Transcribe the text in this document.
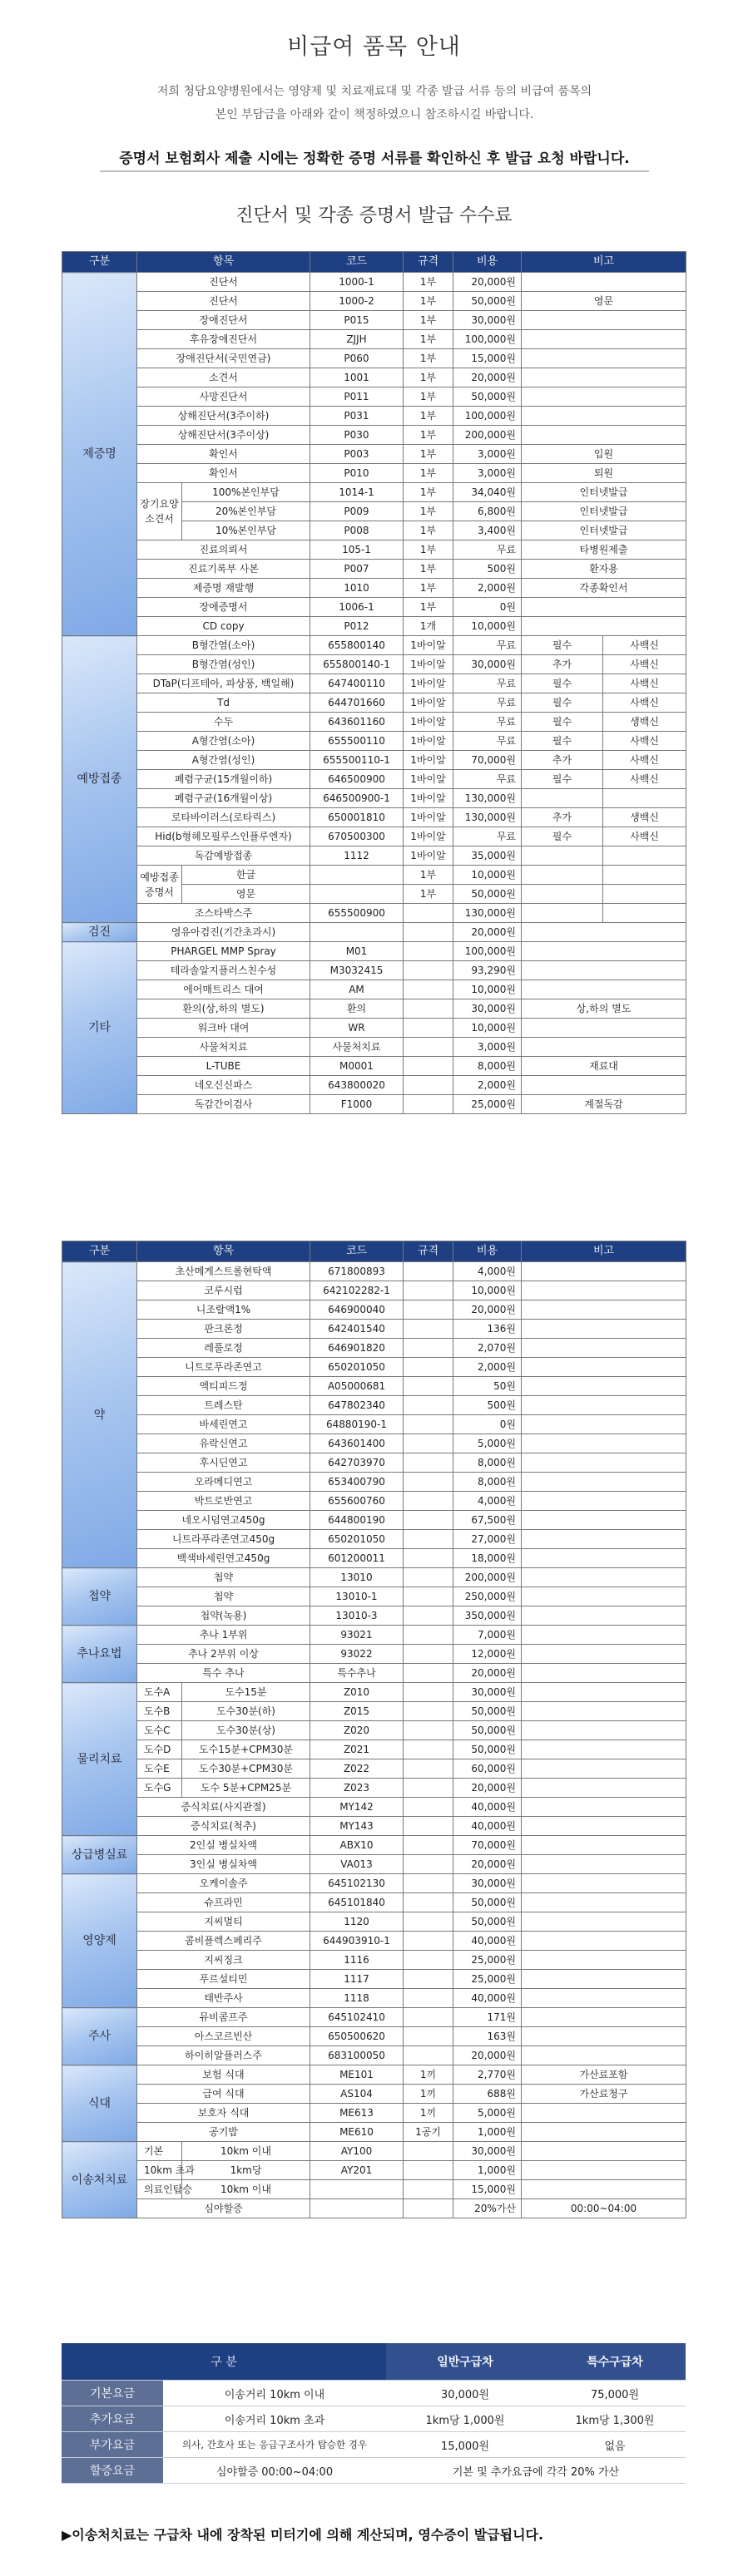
비급여 품목 안내
저희 청담요양병원에서는 영양제 및 치료재료대 및 각종 발급 서류 등의 비급여 품목의
본인 부담금을 아래와 같이 책정하였으니 참조하시길 바랍니다.
증명서 보험회사 제출 시에는 정확한 증명 서류를 확인하신 후 발급 요청 바랍니다.
진단서 및 각종 증명서 발급 수수료
구분	항목		코드	규격	비용	비고	
제증명	진단서		1000-1	1부	20,000원		
	진단서		1000-2	1부	50,000원	영문	
	장애진단서		P015	1부	30,000원		
	후유장애진단서		ZJJH	1부	100,000원		
	장애진단서(국민연금)		P060	1부	15,000원		
	소견서		1001	1부	20,000원		
	사망진단서		P011	1부	50,000원		
	상해진단서(3주이하)		P031	1부	100,000원		
	상해진단서(3주이상)		P030	1부	200,000원		
	확인서		P003	1부	3,000원	입원	
	확인서		P010	1부	3,000원	퇴원	
	장기요양 소견서	100%본인부담	1014-1	1부	34,040원	인터넷발급	
		20%본인부담	P009	1부	6,800원	인터넷발급	
		10%본인부담	P008	1부	3,400원	인터넷발급	
	진료의뢰서		105-1	1부	무료	타병원제출	
	진료기록부 사본		P007	1부	500원	환자용	
	제증명 재발행		1010	1부	2,000원	각종확인서	
	장애증명서		1006-1	1부	0원		
	CD copy		P012	1개	10,000원		
예방접종	B형간염(소아)		655800140	1바이알	무료	필수	사백신
	B형간염(성인)		655800140-1	1바이알	30,000원	추가	사백신
	DTaP(디프테아, 파상풍, 백일해)		647400110	1바이알	무료	필수	사백신
	Td		644701660	1바이알	무료	필수	사백신
	수두		643601160	1바이알	무료	필수	생백신
	A형간염(소아)		655500110	1바이알	무료	필수	사백신
	A형간염(성인)		655500110-1	1바이알	70,000원	추가	사백신
	폐렴구균(15개월이하)		646500900	1바이알	무료	필수	사백신
	폐렴구균(16개월이상)		646500900-1	1바이알	130,000원		
	로타바이러스(로타릭스)		650001810	1바이알	130,000원	추가	생백신
	Hid(b형헤모필루스인플루엔자)		670500300	1바이알	무료	필수	사백신
	독감예방접종		1112	1바이알	35,000원		
	예방접종 증명서	한글		1부	10,000원		
		영문		1부	50,000원		
	조스타박스주		655500900		130,000원		
검진	영유아검진(기간초과시)				20,000원		
기타	PHARGEL MMP Spray		M01		100,000원		
	테라솔알지플러스친수성		M3032415		93,290원		
	에어매트리스 대여		AM		10,000원		
	환의(상,하의 별도)		환의		30,000원	상,하의 별도	
	워크바 대여		WR		10,000원		
	사물처치료		사물처치료		3,000원		
	L-TUBE		M0001		8,000원	재료대	
	네오신신파스		643800020		2,000원		
	독감간이검사		F1000		25,000원	계절독감	
구분	항목		코드	규격	비용	비고
약	초산메게스트롤현탁액		671800893		4,000원	
	코루시럽		642102282-1		10,000원	
	니조랄액1%		646900040		20,000원	
	판크론정		642401540		136원	
	레풀로정		646901820		2,070원	
	니트로푸라존연고		650201050		2,000원	
	액티피드정		A05000681		50원	
	트레스탄		647802340		500원	
	바세린연고		64880190-1		0원	
	유락신연고		643601400		5,000원	
	후시딘연고		642703970		8,000원	
	오라메디연고		653400790		8,000원	
	박트로반연고		655600760		4,000원	
	네오시덤연고450g		644800190		67,500원	
	니트라푸라존연고450g		650201050		27,000원	
	백색바세린연고450g		601200011		18,000원	
첩약	첩약		13010		200,000원	
	첩약		13010-1		250,000원	
	첩약(녹용)		13010-3		350,000원	
추나요법	추나 1부위		93021		7,000원	
	추나 2부위 이상		93022		12,000원	
	특수 추나		특수추나		20,000원	
물리치료	도수A	도수15분	Z010		30,000원	
	도수B	도수30분(하)	Z015		50,000원	
	도수C	도수30분(상)	Z020		50,000원	
	도수D	도수15분+CPM30분	Z021		50,000원	
	도수E	도수30분+CPM30분	Z022		60,000원	
	도수G	도수 5분+CPM25분	Z023		20,000원	
	증식치료(사지관절)		MY142		40,000원	
	증식치료(척추)		MY143		40,000원	
상급병실료	2인실 병실차액		ABX10		70,000원	
	3인실 병실차액		VA013		20,000원	
영양제	오케이솔주		645102130		30,000원	
	슈프라민		645101840		50,000원	
	지씨멀티		1120		50,000원	
	콤비플렉스페리주		644903910-1		40,000원	
	지씨징크		1116		25,000원	
	푸르설티민		1117		25,000원	
	태반주사		1118		40,000원	
주사	뮤비콤프주		645102410		171원	
	아스코르빈산		650500620		163원	
	하이히알플러스주		683100050		20,000원	
식대	보험 식대		ME101	1끼	2,770원	가산료포함
	급여 식대		AS104	1끼	688원	가산료청구
	보호자 식대		ME613	1끼	5,000원	
	공기밥		ME610	1공기	1,000원	
이송처치료	기본	10km 이내	AY100		30,000원	
	10km 초과	1km당	AY201		1,000원	
	의료인탑승	10km 이내			15,000원	
	심야할증				20%가산	00:00~04:00
구 분		일반구급차	특수구급차
기본요금	이송거리 10km 이내	30,000원	75,000원
추가요금	이송거리 10km 초과	1km당 1,000원	1km당 1,300원
부가요금	의사, 간호사 또는 응급구조사가 탑승한 경우	15,000원	없음
할증요금	심야할증 00:00~04:00	기본 및 추가요금에 각각 20% 가산	
▶이송처치료는 구급차 내에 장착된 미터기에 의해 계산되며, 영수증이 발급됩니다.
